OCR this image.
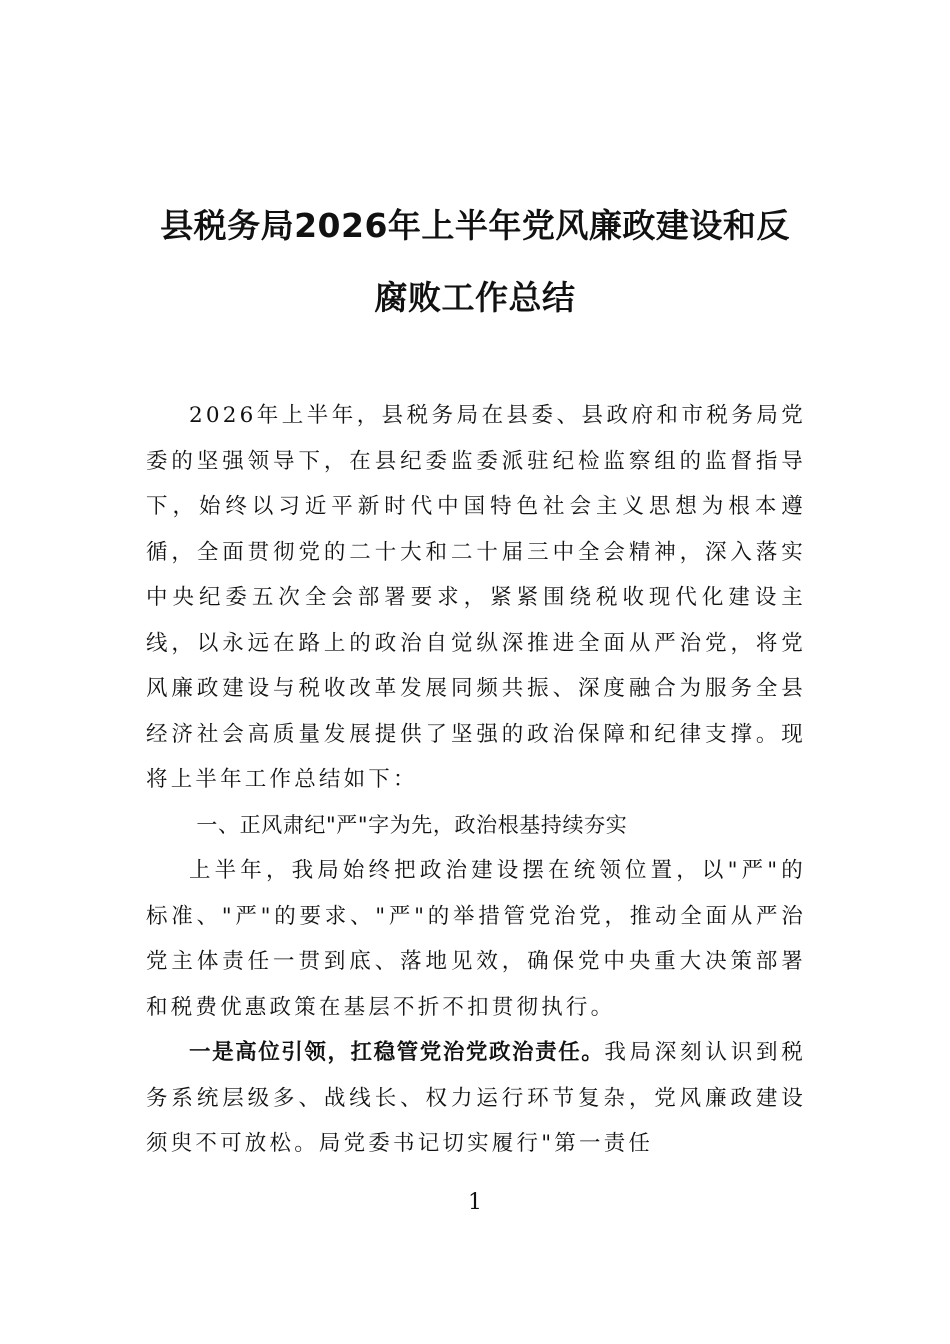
县税务局2026年上半年党风廉政建设和反
腐败工作总结

2026年上半年，县税务局在县委、县政府和市税务局党委的坚强领导下，在县纪委监委派驻纪检监察组的监督指导下，始终以习近平新时代中国特色社会主义思想为根本遵循，全面贯彻党的二十大和二十届三中全会精神，深入落实中央纪委五次全会部署要求，紧紧围绕税收现代化建设主线，以永远在路上的政治自觉纵深推进全面从严治党，将党风廉政建设与税收改革发展同频共振、深度融合为服务全县经济社会高质量发展提供了坚强的政治保障和纪律支撑。现将上半年工作总结如下：

一、正风肃纪"严"字为先，政治根基持续夯实

上半年，我局始终把政治建设摆在统领位置，以"严"的标准、"严"的要求、"严"的举措管党治党，推动全面从严治党主体责任一贯到底、落地见效，确保党中央重大决策部署和税费优惠政策在基层不折不扣贯彻执行。

一是高位引领，扛稳管党治党政治责任。我局深刻认识到税务系统层级多、战线长、权力运行环节复杂，党风廉政建设须臾不可放松。局党委书记切实履行"第一责任

1
